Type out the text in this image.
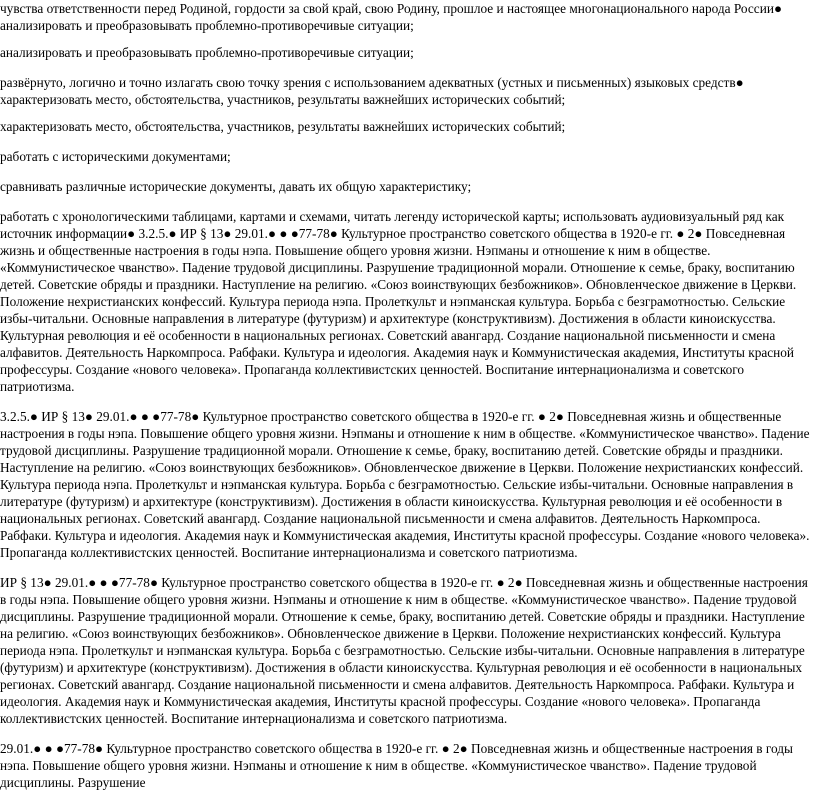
чувства ответственности перед Родиной, гордости за свой край, свою Родину, прошлое и настоящее многонационального народа России● анализировать и преобразовывать проблемно-противоречивые ситуации;

анализировать и преобразовывать проблемно-противоречивые ситуации;

развёрнуто, логично и точно излагать свою точку зрения с использованием адекватных (устных и письменных) языковых средств● характеризовать место, обстоятельства, участников, результаты важнейших исторических событий;

характеризовать место, обстоятельства, участников, результаты важнейших исторических событий;

работать с историческими документами;

сравнивать различные исторические документы, давать их общую характеристику;

работать с хронологическими таблицами, картами и схемами, читать легенду исторической карты; использовать аудиовизуальный ряд как источник информации● 3.2.5.● ИР § 13● 29.01.● ● ●77-78● Культурное пространство советского общества в 1920-е гг. ● 2● Повседневная жизнь и общественные настроения в годы нэпа. Повышение общего уровня жизни. Нэпманы и отношение к ним в обществе. «Коммунистическое чванство». Падение трудовой дисциплины. Разрушение традиционной морали. Отношение к семье, браку, воспитанию детей. Советские обряды и праздники. Наступление на религию. «Союз воинствующих безбожников». Обновленческое движение в Церкви. Положение нехристианских конфессий. Культура периода нэпа. Пролеткульт и нэпманская культура. Борьба с безграмотностью. Сельские избы-читальни. Основные направления в литературе (футуризм) и архитектуре (конструктивизм). Достижения в области киноискусства. Культурная революция и её особенности в национальных регионах. Советский авангард. Создание национальной письменности и смена алфавитов. Деятельность Наркомпроса. Рабфаки. Культура и идеология. Академия наук и Коммунистическая академия, Институты красной профессуры. Создание «нового человека». Пропаганда коллективистских ценностей. Воспитание интернационализма и советского патриотизма.

3.2.5.● ИР § 13● 29.01.● ● ●77-78● Культурное пространство советского общества в 1920-е гг. ● 2● Повседневная жизнь и общественные настроения в годы нэпа. Повышение общего уровня жизни. Нэпманы и отношение к ним в обществе. «Коммунистическое чванство». Падение трудовой дисциплины. Разрушение традиционной морали. Отношение к семье, браку, воспитанию детей. Советские обряды и праздники. Наступление на религию. «Союз воинствующих безбожников». Обновленческое движение в Церкви. Положение нехристианских конфессий. Культура периода нэпа. Пролеткульт и нэпманская культура. Борьба с безграмотностью. Сельские избы-читальни. Основные направления в литературе (футуризм) и архитектуре (конструктивизм). Достижения в области киноискусства. Культурная революция и её особенности в национальных регионах. Советский авангард. Создание национальной письменности и смена алфавитов. Деятельность Наркомпроса. Рабфаки. Культура и идеология. Академия наук и Коммунистическая академия, Институты красной профессуры. Создание «нового человека». Пропаганда коллективистских ценностей. Воспитание интернационализма и советского патриотизма.

ИР § 13● 29.01.● ● ●77-78● Культурное пространство советского общества в 1920-е гг. ● 2● Повседневная жизнь и общественные настроения в годы нэпа. Повышение общего уровня жизни. Нэпманы и отношение к ним в обществе. «Коммунистическое чванство». Падение трудовой дисциплины. Разрушение традиционной морали. Отношение к семье, браку, воспитанию детей. Советские обряды и праздники. Наступление на религию. «Союз воинствующих безбожников». Обновленческое движение в Церкви. Положение нехристианских конфессий. Культура периода нэпа. Пролеткульт и нэпманская культура. Борьба с безграмотностью. Сельские избы-читальни. Основные направления в литературе (футуризм) и архитектуре (конструктивизм). Достижения в области киноискусства. Культурная революция и её особенности в национальных регионах. Советский авангард. Создание национальной письменности и смена алфавитов. Деятельность Наркомпроса. Рабфаки. Культура и идеология. Академия наук и Коммунистическая академия, Институты красной профессуры. Создание «нового человека». Пропаганда коллективистских ценностей. Воспитание интернационализма и советского патриотизма.

29.01.● ● ●77-78● Культурное пространство советского общества в 1920-е гг. ● 2● Повседневная жизнь и общественные настроения в годы нэпа. Повышение общего уровня жизни. Нэпманы и отношение к ним в обществе. «Коммунистическое чванство». Падение трудовой дисциплины. Разрушение
